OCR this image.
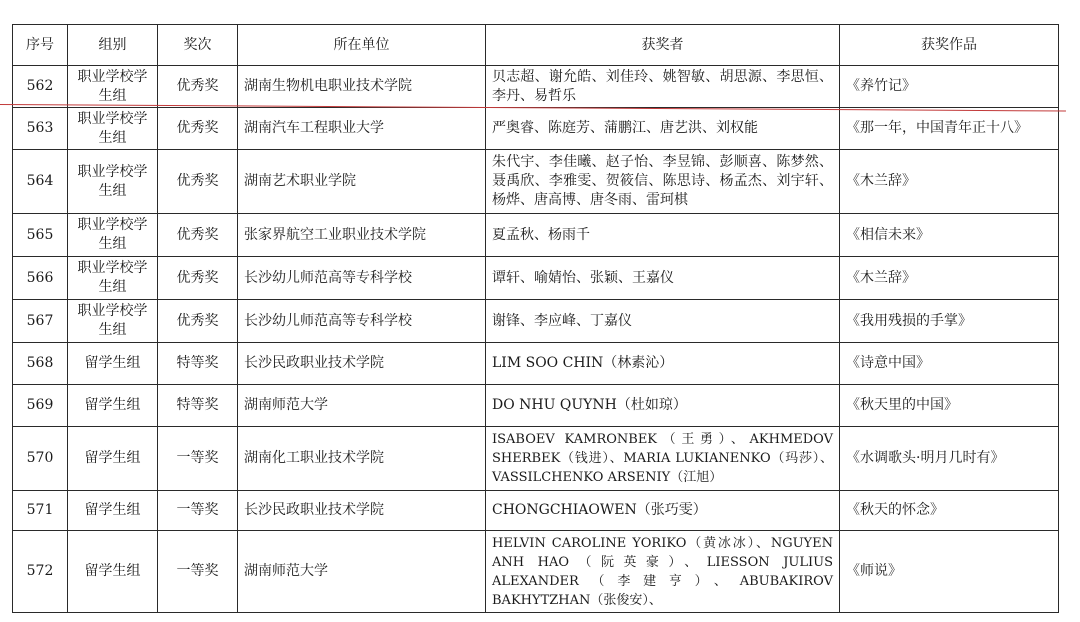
序号	组别	奖次	所在单位	获奖者	获奖作品
562	职业学校学生组	优秀奖	湖南生物机电职业技术学院	贝志超、谢允皓、刘佳玲、姚智敏、胡思源、李思恒、李丹、易哲乐	《养竹记》
563	职业学校学生组	优秀奖	湖南汽车工程职业大学	严奥睿、陈庭芳、蒲鹏江、唐艺洪、刘权能	《那一年，中国青年正十八》
564	职业学校学生组	优秀奖	湖南艺术职业学院	朱代宇、李佳曦、赵子怡、李昱锦、彭顺喜、陈梦然、聂禹欣、李雅雯、贺筱信、陈思诗、杨孟杰、刘宇轩、杨烨、唐高博、唐冬雨、雷珂棋	《木兰辞》
565	职业学校学生组	优秀奖	张家界航空工业职业技术学院	夏孟秋、杨雨千	《相信未来》
566	职业学校学生组	优秀奖	长沙幼儿师范高等专科学校	谭轩、喻婧怡、张颖、王嘉仪	《木兰辞》
567	职业学校学生组	优秀奖	长沙幼儿师范高等专科学校	谢锋、李应峰、丁嘉仪	《我用残损的手掌》
568	留学生组	特等奖	长沙民政职业技术学院	LIM SOO CHIN（林素沁）	《诗意中国》
569	留学生组	特等奖	湖南师范大学	DO NHU QUYNH（杜如琼）	《秋天里的中国》
570	留学生组	一等奖	湖南化工职业技术学院	ISABOEV KAMRONBEK（王勇）、AKHMEDOV SHERBEK（钱进）、MARIA LUKIANENKO（玛莎）、VASSILCHENKO ARSENIY（江旭）	《水调歌头·明月几时有》
571	留学生组	一等奖	长沙民政职业技术学院	CHONGCHIAOWEN（张巧雯）	《秋天的怀念》
572	留学生组	一等奖	湖南师范大学	HELVIN CAROLINE YORIKO（黄冰冰）、NGUYEN ANH HAO（阮英豪）、LIESSON JULIUS ALEXANDER（李建亨）、ABUBAKIROV BAKHYTZHAN（张俊安）、	《师说》
